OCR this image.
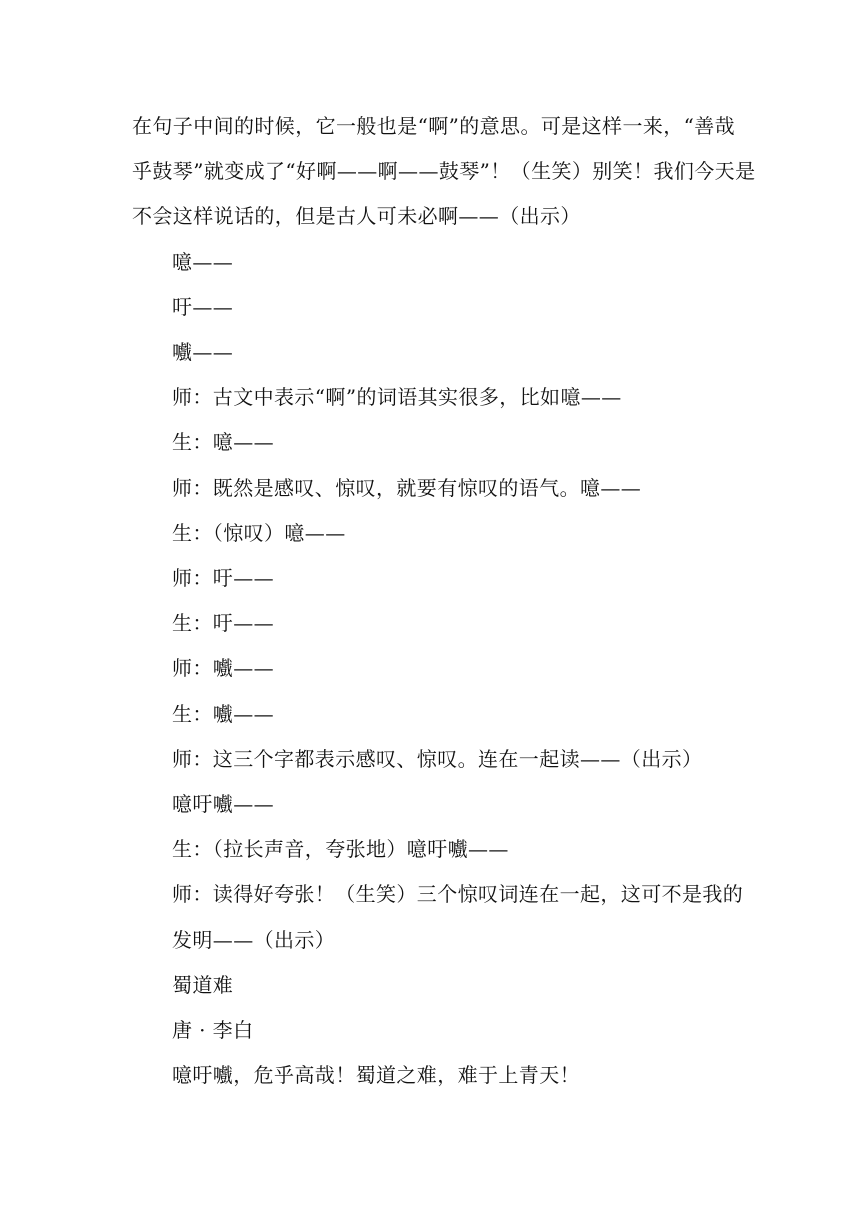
在句子中间的时候，它一般也是“啊”的意思。可是这样一来，“善哉
乎鼓琴”就变成了“好啊——啊——鼓琴”！（生笑）别笑！我们今天是
不会这样说话的，但是古人可未必啊——（出示）
噫——
吁——
嚱——
师：古文中表示“啊”的词语其实很多，比如噫——
生：噫——
师：既然是感叹、惊叹，就要有惊叹的语气。噫——
生：（惊叹）噫——
师：吁——
生：吁——
师：嚱——
生：嚱——
师：这三个字都表示感叹、惊叹。连在一起读——（出示）
噫吁嚱——
生：（拉长声音，夸张地）噫吁嚱——
师：读得好夸张！（生笑）三个惊叹词连在一起，这可不是我的
发明——（出示）
蜀道难
唐 · 李白
噫吁嚱，危乎高哉！蜀道之难，难于上青天！
